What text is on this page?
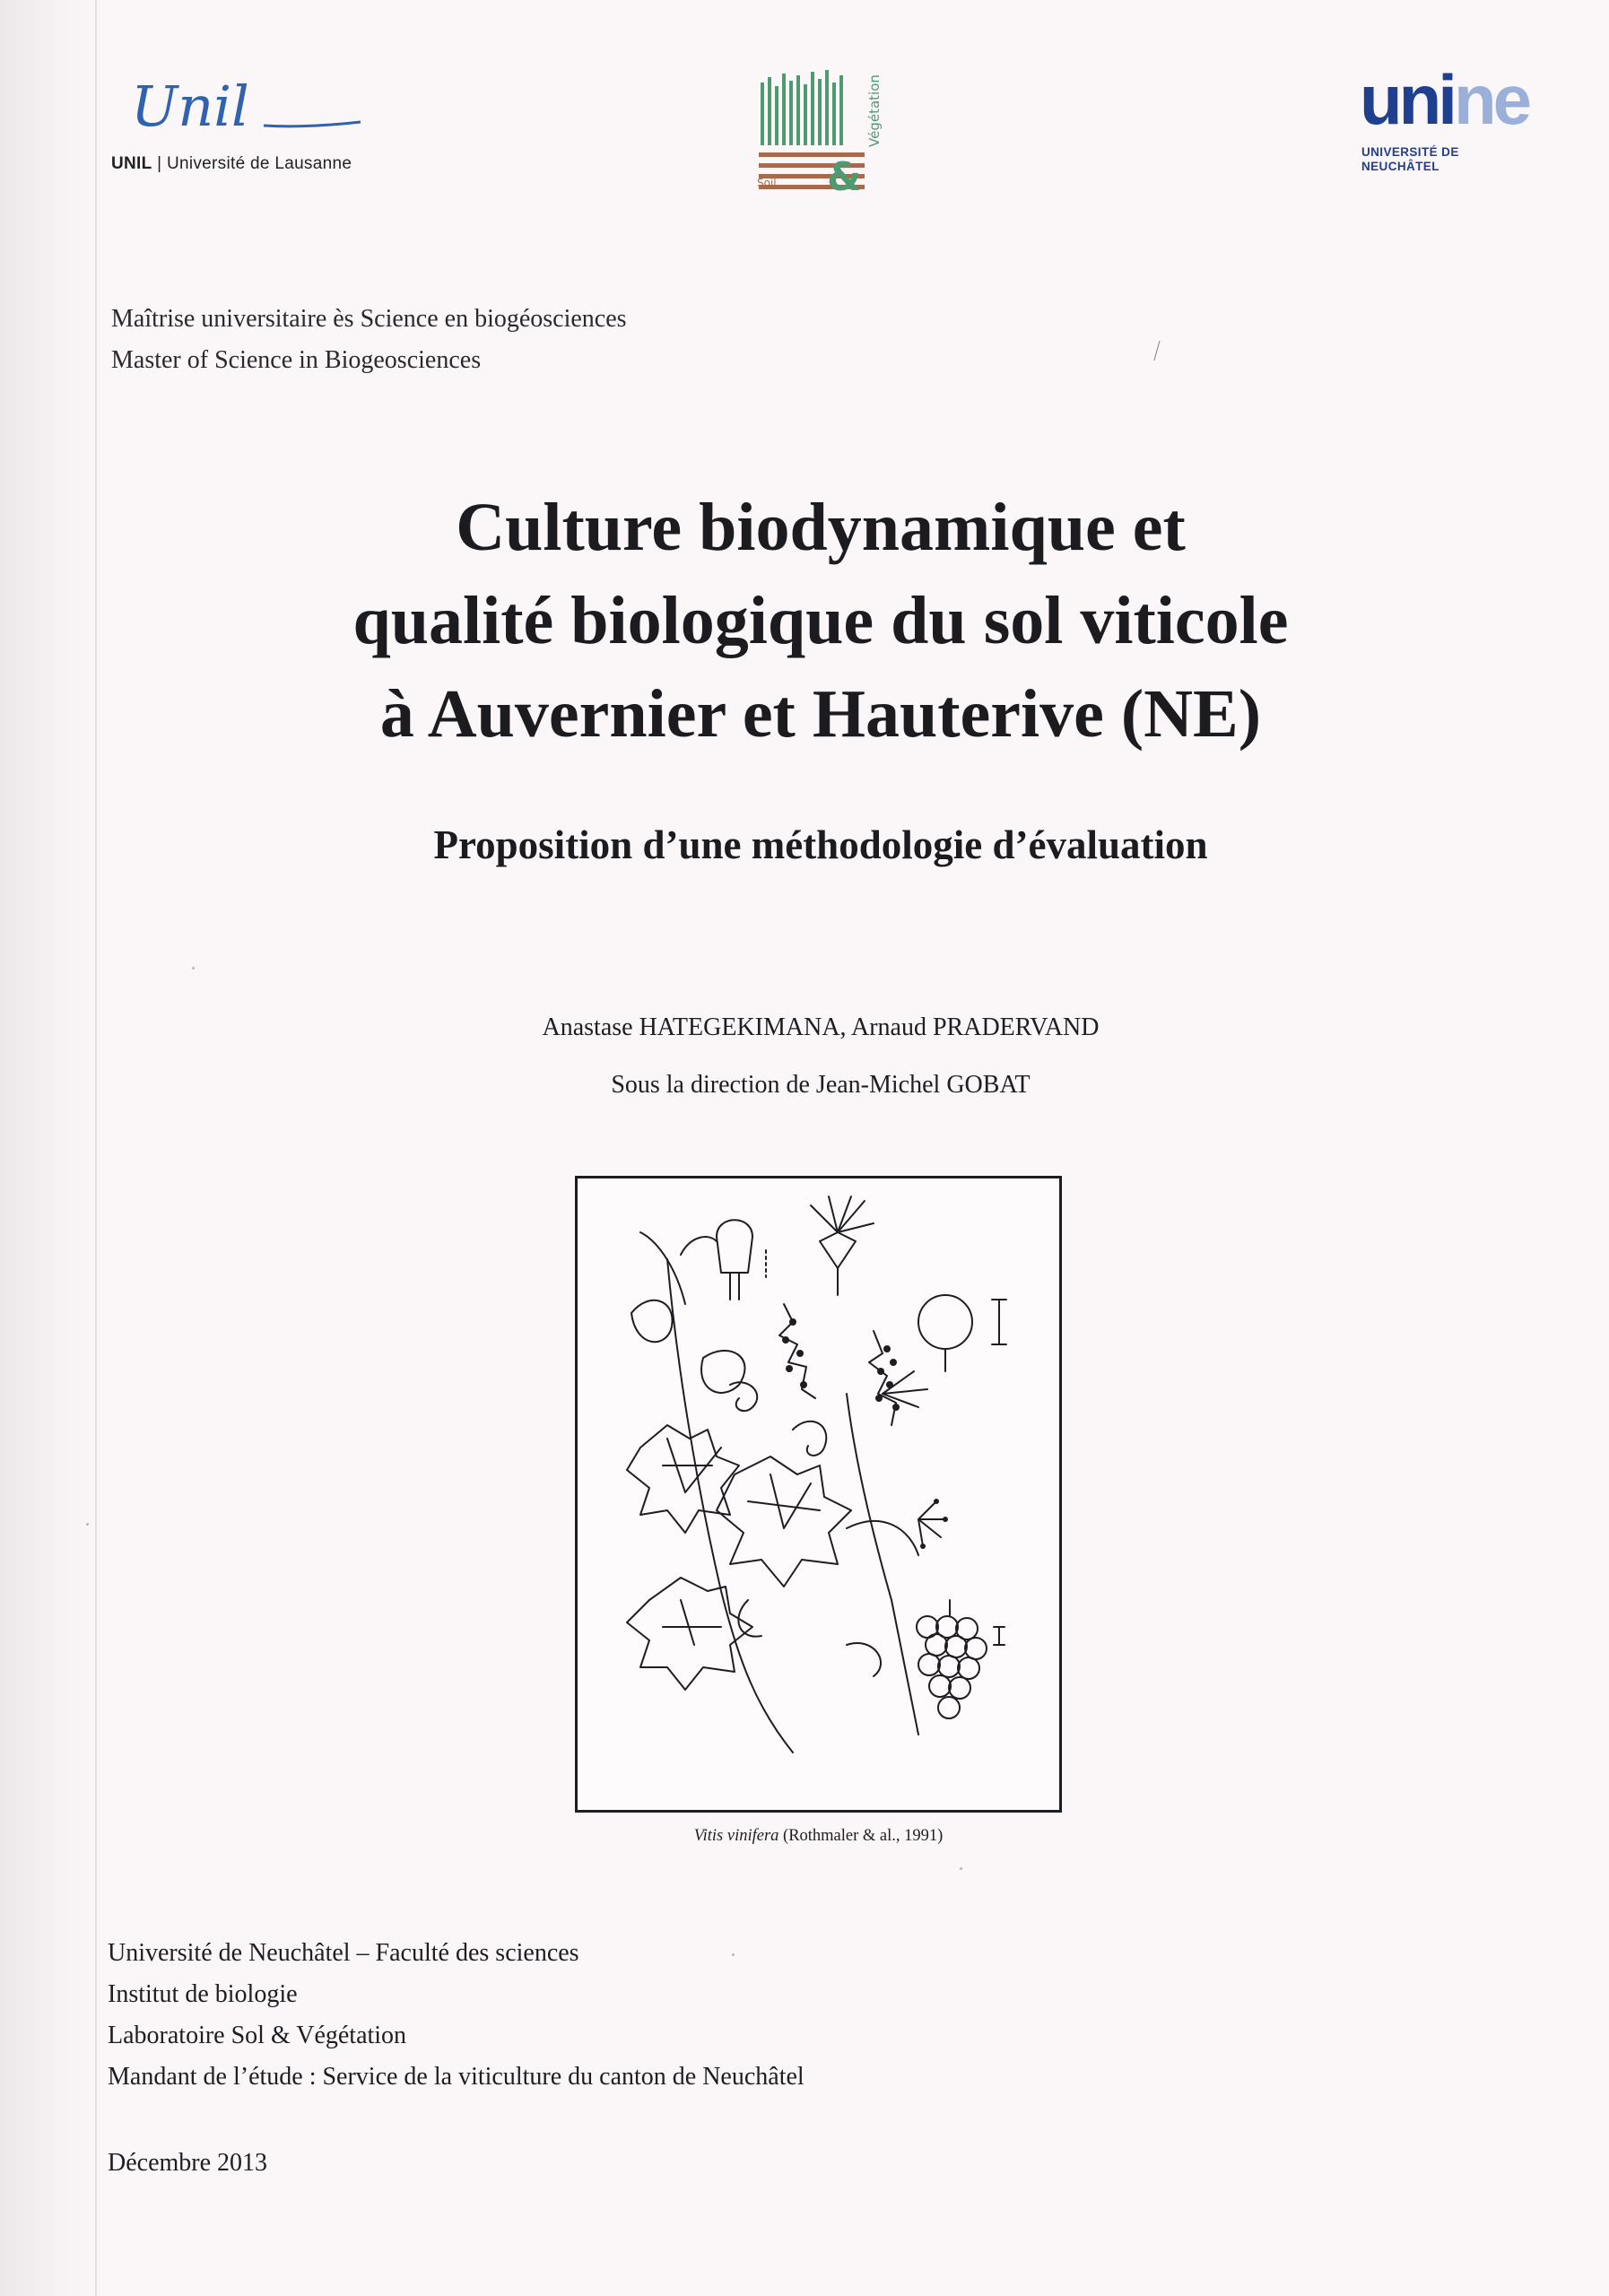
Unil
UNIL | Université de Lausanne
Soil &
Végétation	unine
UNIVERSITÉ DE
NEUCHÂTEL
Maîtrise universitaire ès Science en biogéosciences
Master of Science in Biogeosciences	∕
Culture biodynamique et
qualité biologique du sol viticole
à Auvernier et Hauterive (NE)
Proposition d’une méthodologie d’évaluation
Anastase HATEGEKIMANA, Arnaud PRADERVAND
Sous la direction de Jean-Michel GOBAT
Vitis vinifera (Rothmaler & al., 1991)
Université de Neuchâtel – Faculté des sciences
Institut de biologie
Laboratoire Sol & Végétation
Mandant de l’étude : Service de la viticulture du canton de Neuchâtel
Décembre 2013
